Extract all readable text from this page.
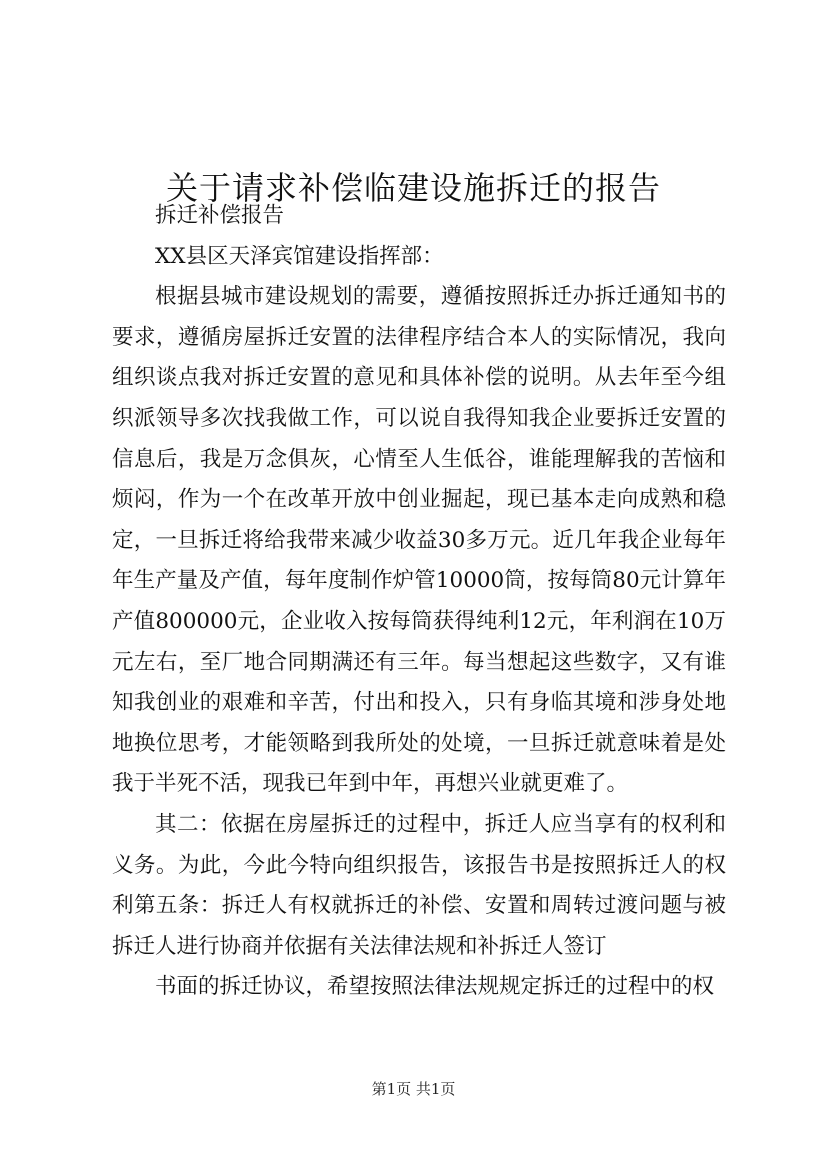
关于请求补偿临建设施拆迁的报告

拆迁补偿报告

XX县区天泽宾馆建设指挥部：

根据县城市建设规划的需要，遵循按照拆迁办拆迁通知书的要求，遵循房屋拆迁安置的法律程序结合本人的实际情况，我向组织谈点我对拆迁安置的意见和具体补偿的说明。从去年至今组织派领导多次找我做工作，可以说自我得知我企业要拆迁安置的信息后，我是万念俱灰，心情至人生低谷，谁能理解我的苦恼和烦闷，作为一个在改革开放中创业掘起，现已基本走向成熟和稳定，一旦拆迁将给我带来减少收益30多万元。近几年我企业每年年生产量及产值，每年度制作炉管10000筒，按每筒80元计算年产值800000元，企业收入按每筒获得纯利12元，年利润在10万元左右，至厂地合同期满还有三年。每当想起这些数字，又有谁知我创业的艰难和辛苦，付出和投入，只有身临其境和涉身处地地换位思考，才能领略到我所处的处境，一旦拆迁就意味着是处我于半死不活，现我已年到中年，再想兴业就更难了。

其二：依据在房屋拆迁的过程中，拆迁人应当享有的权利和义务。为此，今此今特向组织报告，该报告书是按照拆迁人的权利第五条：拆迁人有权就拆迁的补偿、安置和周转过渡问题与被拆迁人进行协商并依据有关法律法规和补拆迁人签订

书面的拆迁协议，希望按照法律法规规定拆迁的过程中的权

第1页 共1页
